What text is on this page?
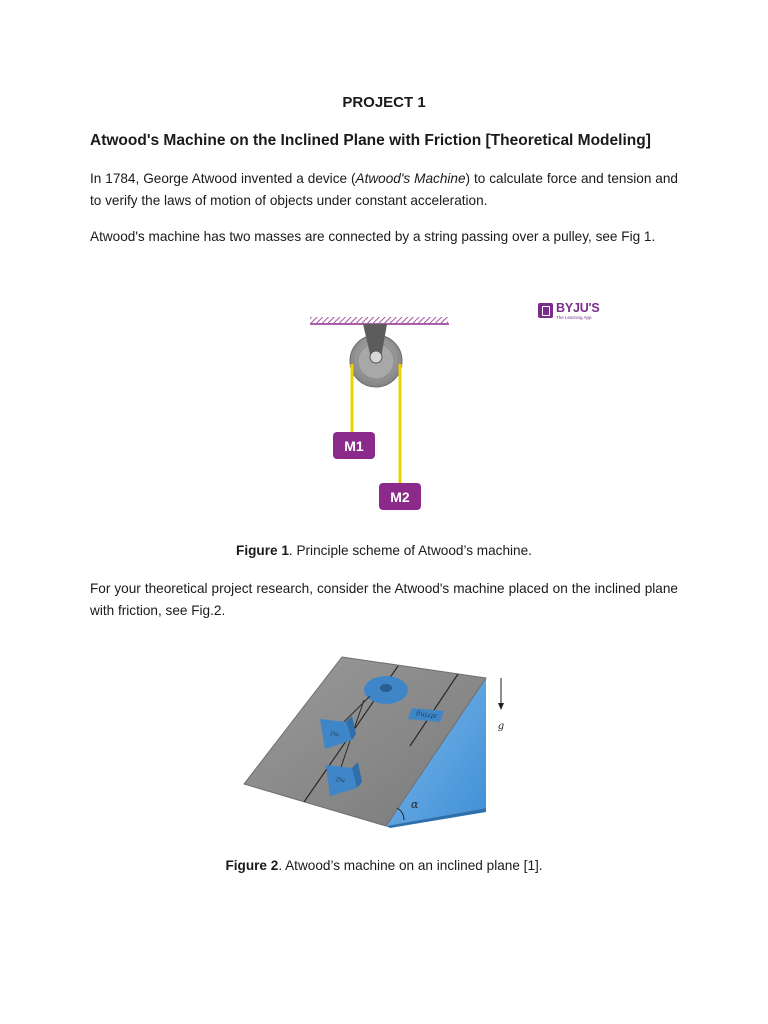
PROJECT 1
Atwood's Machine on the Inclined Plane with Friction [Theoretical Modeling]
In 1784, George Atwood invented a device (Atwood's Machine) to calculate force and tension and to verify the laws of motion of objects under constant acceleration.
Atwood's machine has two masses are connected by a string passing over a pulley, see Fig 1.
M1
M2
BYJU'S
The Learning App
Figure 1. Principle scheme of Atwood’s machine.
For your theoretical project research, consider the Atwood's machine placed on the inclined plane with friction, see Fig.2.
string
m1
m2
g
α
Figure 2. Atwood’s machine on an inclined plane [1].
